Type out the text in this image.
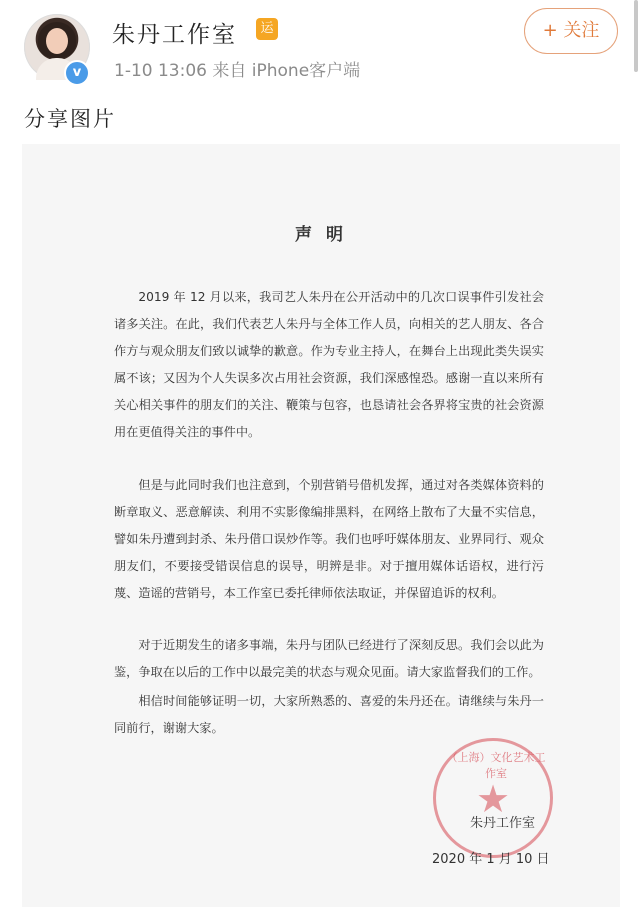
v
朱丹工作室	运
1-10 13:06 来自 iPhone客户端
+ 关注
分享图片
声 明
2019 年 12 月以来，我司艺人朱丹在公开活动中的几次口误事件引发社会诸多关注。在此，我们代表艺人朱丹与全体工作人员，向相关的艺人朋友、各合作方与观众朋友们致以诚挚的歉意。作为专业主持人，在舞台上出现此类失误实属不该；又因为个人失误多次占用社会资源，我们深感惶恐。感谢一直以来所有关心相关事件的朋友们的关注、鞭策与包容，也恳请社会各界将宝贵的社会资源用在更值得关注的事件中。
但是与此同时我们也注意到，个别营销号借机发挥，通过对各类媒体资料的断章取义、恶意解读、利用不实影像编排黑料，在网络上散布了大量不实信息，譬如朱丹遭到封杀、朱丹借口误炒作等。我们也呼吁媒体朋友、业界同行、观众朋友们，不要接受错误信息的误导，明辨是非。对于擅用媒体话语权，进行污蔑、造谣的营销号，本工作室已委托律师依法取证，并保留追诉的权利。
对于近期发生的诸多事端，朱丹与团队已经进行了深刻反思。我们会以此为鉴，争取在以后的工作中以最完美的状态与观众见面。请大家监督我们的工作。
相信时间能够证明一切，大家所熟悉的、喜爱的朱丹还在。请继续与朱丹一同前行，谢谢大家。
（上海）文化艺术工作室
★
朱丹工作室
2020 年 1 月 10 日
